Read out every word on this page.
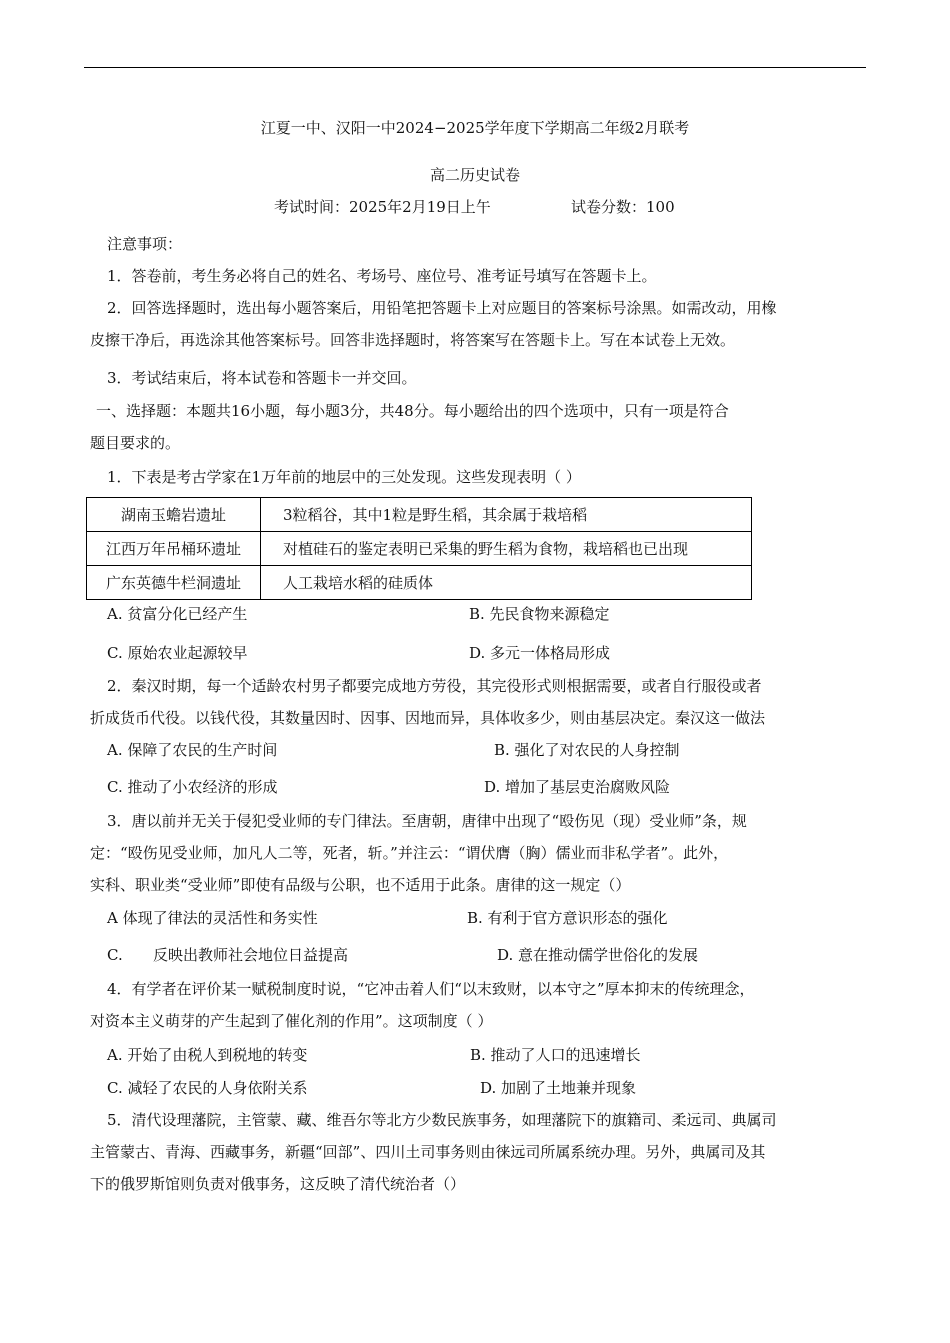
江夏一中、汉阳一中2024−2025学年度下学期高二年级2月联考
高二历史试卷
考试时间：2025年2月19日上午	试卷分数：100
注意事项：
1．答卷前，考生务必将自己的姓名、考场号、座位号、准考证号填写在答题卡上。
2．回答选择题时，选出每小题答案后，用铅笔把答题卡上对应题目的答案标号涂黑。如需改动，用橡
皮擦干净后，再选涂其他答案标号。回答非选择题时，将答案写在答题卡上。写在本试卷上无效。
3．考试结束后，将本试卷和答题卡一并交回。
一、选择题：本题共16小题，每小题3分，共48分。每小题给出的四个选项中，只有一项是符合
题目要求的。
1．下表是考古学家在1万年前的地层中的三处发现。这些发现表明（ ）
湖南玉蟾岩遗址	3粒稻谷，其中1粒是野生稻，其余属于栽培稻
江西万年吊桶环遗址	对植硅石的鉴定表明已采集的野生稻为食物，栽培稻也已出现
广东英德牛栏洞遗址	人工栽培水稻的硅质体
A. 贫富分化已经产生	B. 先民食物来源稳定
C. 原始农业起源较早	D. 多元一体格局形成
2．秦汉时期，每一个适龄农村男子都要完成地方劳役，其完役形式则根据需要，或者自行服役或者
折成货币代役。以钱代役，其数量因时、因事、因地而异，具体收多少，则由基层决定。秦汉这一做法
A. 保障了农民的生产时间	B. 强化了对农民的人身控制
C. 推动了小农经济的形成	D. 增加了基层吏治腐败风险
3．唐以前并无关于侵犯受业师的专门律法。至唐朝，唐律中出现了“殴伤见（现）受业师”条，规
定：“殴伤见受业师，加凡人二等，死者，斩。”并注云：“谓伏膺（胸）儒业而非私学者”。此外，
实科、职业类“受业师”即使有品级与公职，也不适用于此条。唐律的这一规定（）
A 体现了律法的灵活性和务实性	B. 有利于官方意识形态的强化
C. 反映出教师社会地位日益提高	D. 意在推动儒学世俗化的发展
4．有学者在评价某一赋税制度时说，“它冲击着人们“以末致财，以本守之”厚本抑末的传统理念，
对资本主义萌芽的产生起到了催化剂的作用”。这项制度（ ）
A. 开始了由税人到税地的转变	B. 推动了人口的迅速增长
C. 减轻了农民的人身依附关系	D. 加剧了土地兼并现象
5．清代设理藩院，主管蒙、藏、维吾尔等北方少数民族事务，如理藩院下的旗籍司、柔远司、典属司
主管蒙古、青海、西藏事务，新疆“回部”、四川土司事务则由徕远司所属系统办理。另外，典属司及其
下的俄罗斯馆则负责对俄事务，这反映了清代统治者（）
